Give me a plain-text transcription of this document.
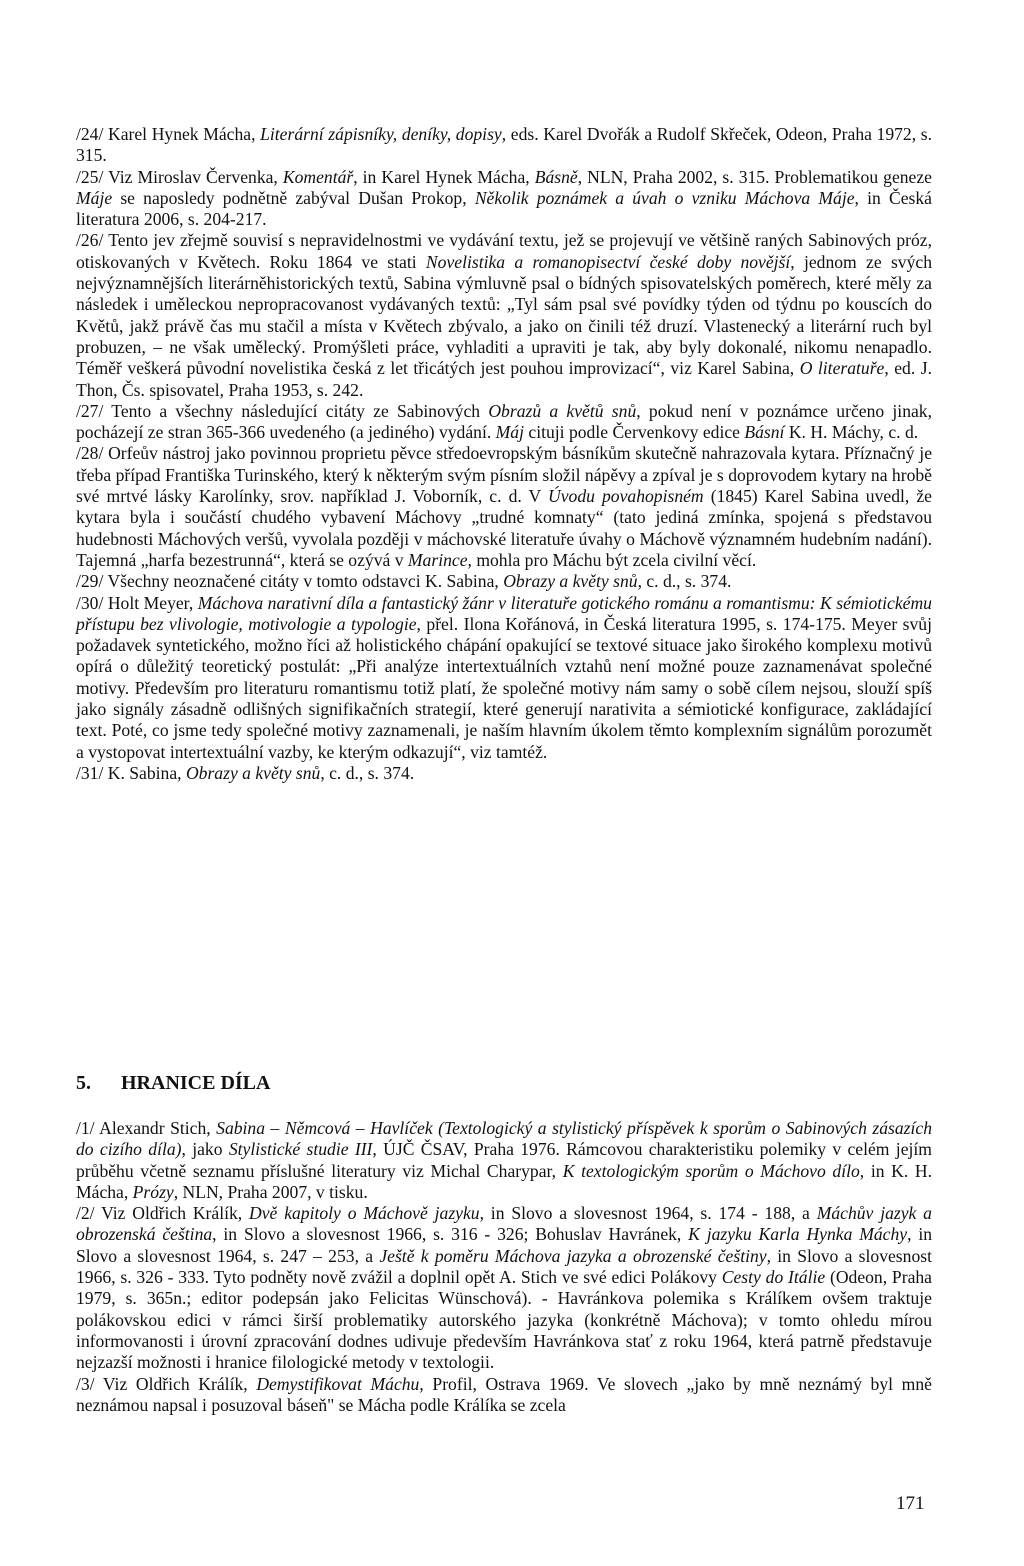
/24/ Karel Hynek Mácha, Literární zápisníky, deníky, dopisy, eds. Karel Dvořák a Rudolf Skřeček, Odeon, Praha 1972, s. 315.

/25/ Viz Miroslav Červenka, Komentář, in Karel Hynek Mácha, Básně, NLN, Praha 2002, s. 315. Problematikou geneze Máje se naposledy podnětně zabýval Dušan Prokop, Několik poznámek a úvah o vzniku Máchova Máje, in Česká literatura 2006, s. 204-217.

/26/ Tento jev zřejmě souvisí s nepravidelnostmi ve vydávání textu, jež se projevují ve většině raných Sabinových próz, otiskovaných v Květech. Roku 1864 ve stati Novelistika a romanopisectví české doby novější, jednom ze svých nejvýznamnějších literárněhistorických textů, Sabina výmluvně psal o bídných spisovatelských poměrech, které měly za následek i uměleckou nepropracovanost vydávaných textů: „Tyl sám psal své povídky týden od týdnu po kouscích do Květů, jakž právě čas mu stačil a místa v Květech zbývalo, a jako on činili též druzí. Vlastenecký a literární ruch byl probuzen, – ne však umělecký. Promýšleti práce, vyhladiti a upraviti je tak, aby byly dokonalé, nikomu nenapadlo. Téměř veškerá původní novelistika česká z let třicátých jest pouhou improvizací“, viz Karel Sabina, O literatuře, ed. J. Thon, Čs. spisovatel, Praha 1953, s. 242.

/27/ Tento a všechny následující citáty ze Sabinových Obrazů a květů snů, pokud není v poznámce určeno jinak, pocházejí ze stran 365-366 uvedeného (a jediného) vydání. Máj cituji podle Červenkovy edice Básní K. H. Máchy, c. d.

/28/ Orfeův nástroj jako povinnou proprietu pěvce středoevropským básníkům skutečně nahrazovala kytara. Příznačný je třeba případ Františka Turinského, který k některým svým písním složil nápěvy a zpíval je s doprovodem kytary na hrobě své mrtvé lásky Karolínky, srov. například J. Voborník, c. d. V Úvodu povahopisném (1845) Karel Sabina uvedl, že kytara byla i součástí chudého vybavení Máchovy „trudné komnaty“ (tato jediná zmínka, spojená s představou hudebnosti Máchových veršů, vyvolala později v máchovské literatuře úvahy o Máchově významném hudebním nadání). Tajemná „harfa bezestrunná“, která se ozývá v Marince, mohla pro Máchu být zcela civilní věcí.

/29/ Všechny neoznačené citáty v tomto odstavci K. Sabina, Obrazy a květy snů, c. d., s. 374.

/30/ Holt Meyer, Máchova narativní díla a fantastický žánr v literatuře gotického románu a romantismu: K sémiotickému přístupu bez vlivologie, motivologie a typologie, přel. Ilona Kořánová, in Česká literatura 1995, s. 174-175. Meyer svůj požadavek syntetického, možno říci až holistického chápání opakující se textové situace jako širokého komplexu motivů opírá o důležitý teoretický postulát: „Při analýze intertextuálních vztahů není možné pouze zaznamenávat společné motivy. Především pro literaturu romantismu totiž platí, že společné motivy nám samy o sobě cílem nejsou, slouží spíš jako signály zásadně odlišných signifikačních strategií, které generují narativita a sémiotické konfigurace, zakládající text. Poté, co jsme tedy společné motivy zaznamenali, je naším hlavním úkolem těmto komplexním signálům porozumět a vystopovat intertextuální vazby, ke kterým odkazují“, viz tamtéž.

/31/ K. Sabina, Obrazy a květy snů, c. d., s. 374.

5. HRANICE DÍLA

/1/ Alexandr Stich, Sabina – Němcová – Havlíček (Textologický a stylistický příspěvek k sporům o Sabinových zásazích do cizího díla), jako Stylistické studie III, ÚJČ ČSAV, Praha 1976. Rámcovou charakteristiku polemiky v celém jejím průběhu včetně seznamu příslušné literatury viz Michal Charypar, K textologickým sporům o Máchovo dílo, in K. H. Mácha, Prózy, NLN, Praha 2007, v tisku.

/2/ Viz Oldřich Králík, Dvě kapitoly o Máchově jazyku, in Slovo a slovesnost 1964, s. 174 - 188, a Máchův jazyk a obrozenská čeština, in Slovo a slovesnost 1966, s. 316 - 326; Bohuslav Havránek, K jazyku Karla Hynka Máchy, in Slovo a slovesnost 1964, s. 247 – 253, a Ještě k poměru Máchova jazyka a obrozenské češtiny, in Slovo a slovesnost 1966, s. 326 - 333. Tyto podněty nově zvážil a doplnil opět A. Stich ve své edici Polákovy Cesty do Itálie (Odeon, Praha 1979, s. 365n.; editor podepsán jako Felicitas Wünschová). - Havránkova polemika s Králíkem ovšem traktuje polákovskou edici v rámci širší problematiky autorského jazyka (konkrétně Máchova); v tomto ohledu mírou informovanosti i úrovní zpracování dodnes udivuje především Havránkova stať z roku 1964, která patrně představuje nejzazší možnosti i hranice filologické metody v textologii.

/3/ Viz Oldřich Králík, Demystifikovat Máchu, Profil, Ostrava 1969. Ve slovech „jako by mně neznámý byl mně neznámou napsal i posuzoval báseň" se Mácha podle Králíka se zcela

171
